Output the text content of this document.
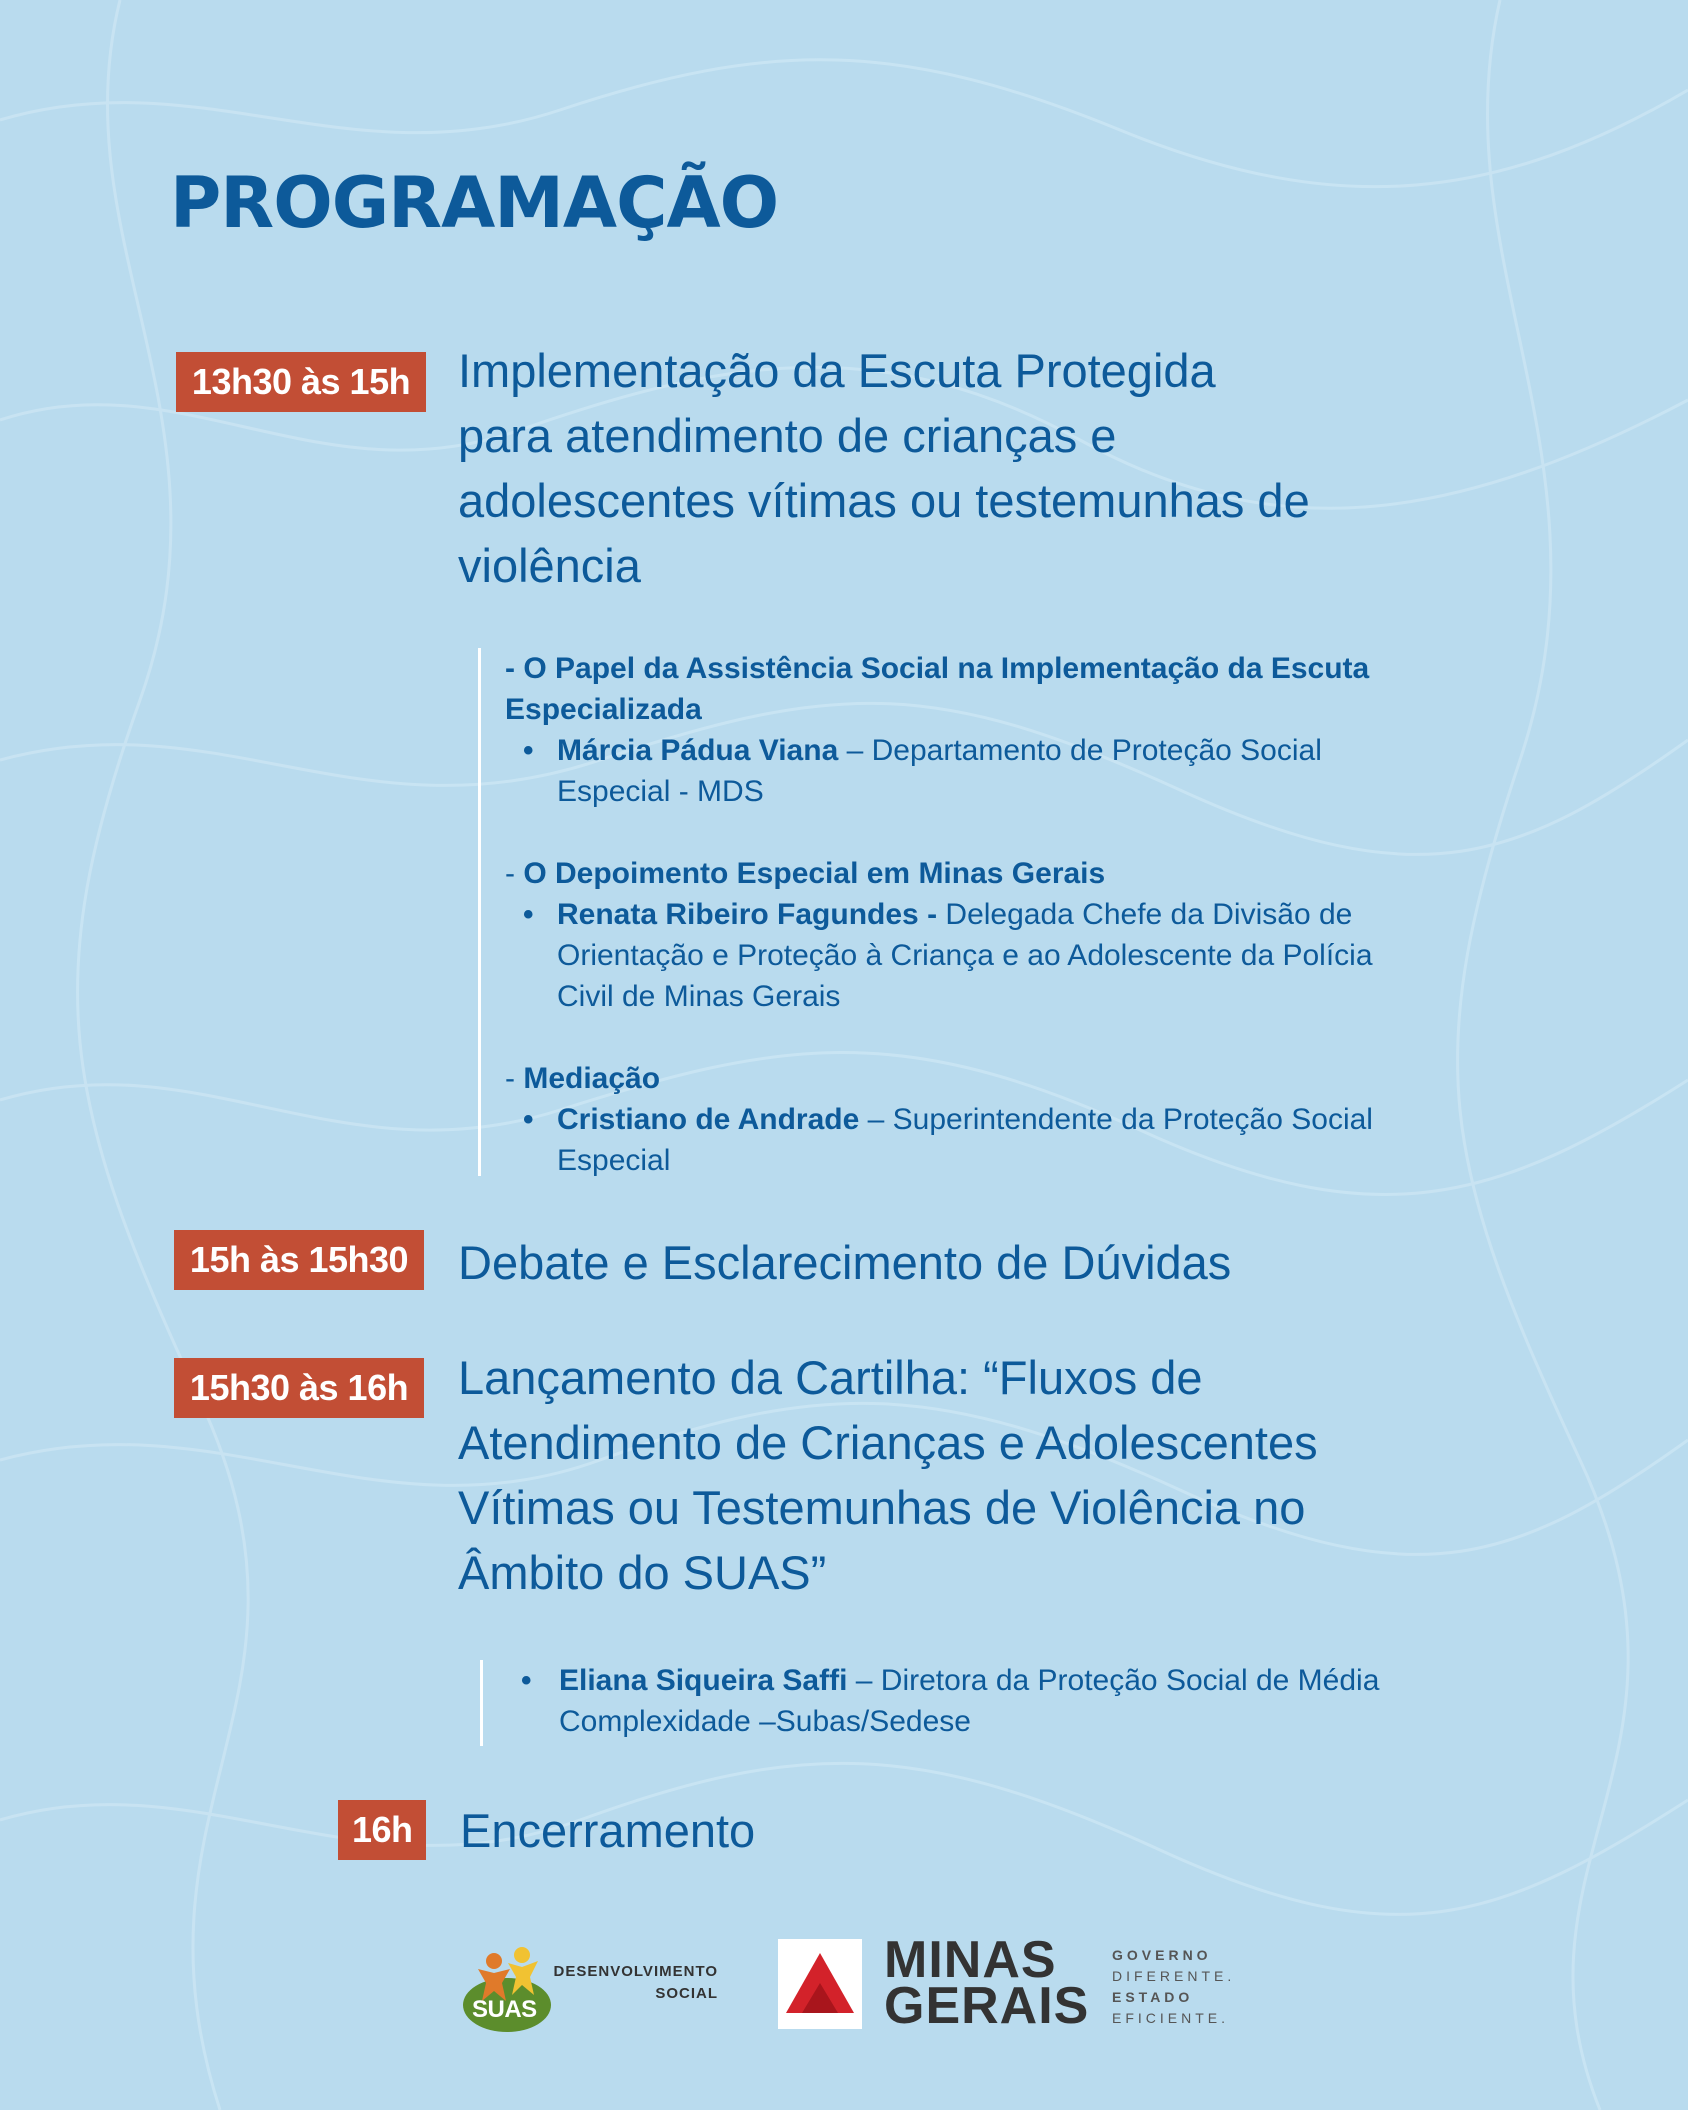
PROGRAMAÇÃO
13h30 às 15h	Implementação da Escuta Protegida
para atendimento de crianças e
adolescentes vítimas ou testemunhas de
violência
- O Papel da Assistência Social na Implementação da Escuta
Especializada

• Márcia Pádua Viana – Departamento de Proteção Social
Especial - MDS

- O Depoimento Especial em Minas Gerais

• Renata Ribeiro Fagundes - Delegada Chefe da Divisão de
Orientação e Proteção à Criança e ao Adolescente da Polícia
Civil de Minas Gerais

- Mediação

• Cristiano de Andrade – Superintendente da Proteção Social
Especial

15h às 15h30	Debate e Esclarecimento de Dúvidas
15h30 às 16h	Lançamento da Cartilha: “Fluxos de
Atendimento de Crianças e Adolescentes
Vítimas ou Testemunhas de Violência no
Âmbito do SUAS”

• Eliana Siqueira Saffi – Diretora da Proteção Social de Média
Complexidade –Subas/Sedese

16h Encerramento
SUAS
DESENVOLVIMENTO
SOCIAL
MINAS
GERAIS
GOVERNO
DIFERENTE.
ESTADO
EFICIENTE.
